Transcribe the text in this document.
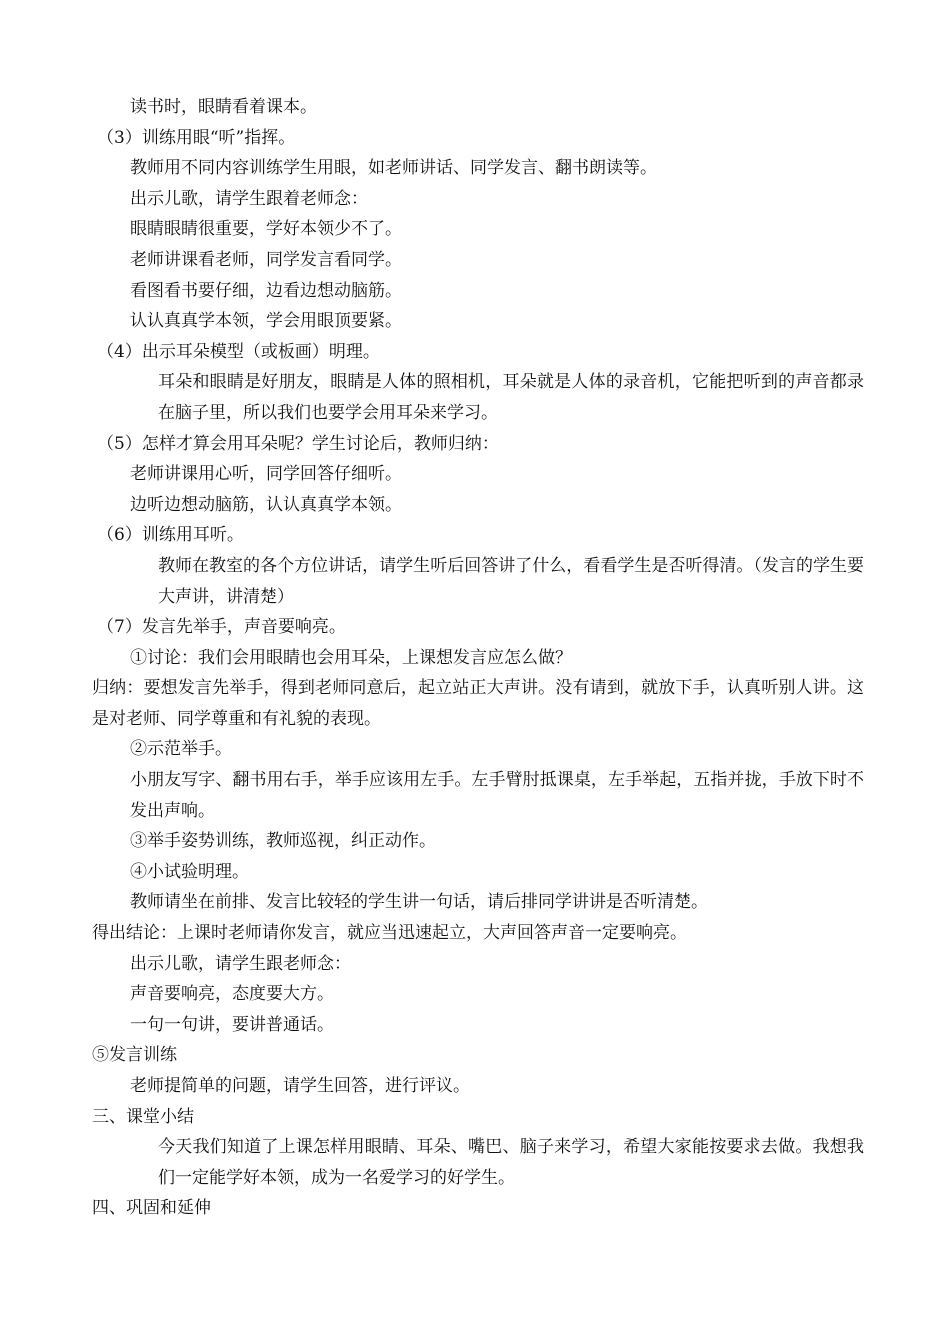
读书时，眼睛看着课本。

（3）训练用眼“听”指挥。

教师用不同内容训练学生用眼，如老师讲话、同学发言、翻书朗读等。

出示儿歌，请学生跟着老师念：

眼睛眼睛很重要，学好本领少不了。

老师讲课看老师，同学发言看同学。

看图看书要仔细，边看边想动脑筋。

认认真真学本领，学会用眼顶要紧。

（4）出示耳朵模型（或板画）明理。

耳朵和眼睛是好朋友，眼睛是人体的照相机，耳朵就是人体的录音机，它能把听到的声音都录在脑子里，所以我们也要学会用耳朵来学习。

（5）怎样才算会用耳朵呢？学生讨论后，教师归纳：

老师讲课用心听，同学回答仔细听。

边听边想动脑筋，认认真真学本领。

（6）训练用耳听。

教师在教室的各个方位讲话，请学生听后回答讲了什么，看看学生是否听得清。（发言的学生要大声讲，讲清楚）

（7）发言先举手，声音要响亮。

①讨论：我们会用眼睛也会用耳朵，上课想发言应怎么做？

归纳：要想发言先举手，得到老师同意后，起立站正大声讲。没有请到，就放下手，认真听别人讲。这是对老师、同学尊重和有礼貌的表现。

②示范举手。

小朋友写字、翻书用右手，举手应该用左手。左手臂肘抵课桌，左手举起，五指并拢，手放下时不发出声响。

③举手姿势训练，教师巡视，纠正动作。

④小试验明理。

教师请坐在前排、发言比较轻的学生讲一句话，请后排同学讲讲是否听清楚。

得出结论：上课时老师请你发言，就应当迅速起立，大声回答声音一定要响亮。

出示儿歌，请学生跟老师念：

声音要响亮，态度要大方。

一句一句讲，要讲普通话。

⑤发言训练

老师提简单的问题，请学生回答，进行评议。

三、课堂小结

今天我们知道了上课怎样用眼睛、耳朵、嘴巴、脑子来学习，希望大家能按要求去做。我想我们一定能学好本领，成为一名爱学习的好学生。

四、巩固和延伸
